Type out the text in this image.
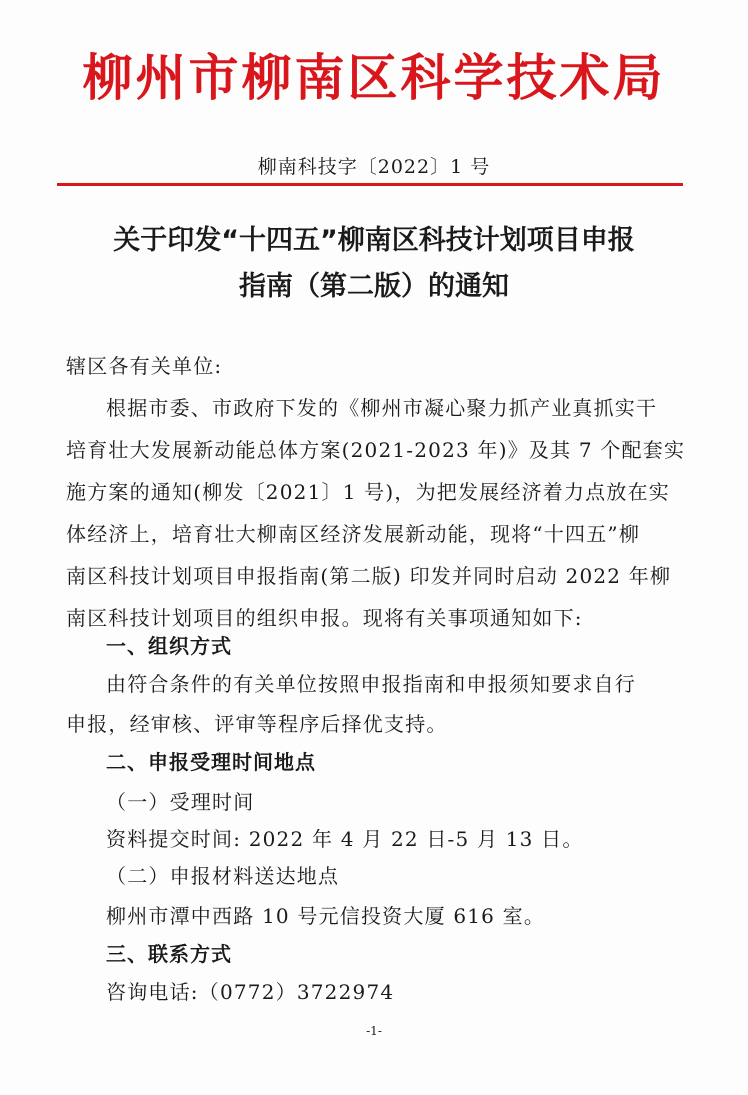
柳州市柳南区科学技术局
柳南科技字〔2022〕1 号
关于印发“十四五”柳南区科技计划项目申报
指南（第二版）的通知
辖区各有关单位:
根据市委、市政府下发的《柳州市凝心聚力抓产业真抓实干
培育壮大发展新动能总体方案(2021-2023 年)》及其 7 个配套实
施方案的通知(柳发〔2021〕1 号)，为把发展经济着力点放在实
体经济上，培育壮大柳南区经济发展新动能，现将“十四五”柳
南区科技计划项目申报指南(第二版) 印发并同时启动 2022 年柳
南区科技计划项目的组织申报。现将有关事项通知如下:
一、组织方式
由符合条件的有关单位按照申报指南和申报须知要求自行
申报，经审核、评审等程序后择优支持。
二、申报受理时间地点
（一）受理时间
资料提交时间: 2022 年 4 月 22 日-5 月 13 日。
（二）申报材料送达地点
柳州市潭中西路 10 号元信投资大厦 616 室。
三、联系方式
咨询电话:（0772）3722974
-1-
